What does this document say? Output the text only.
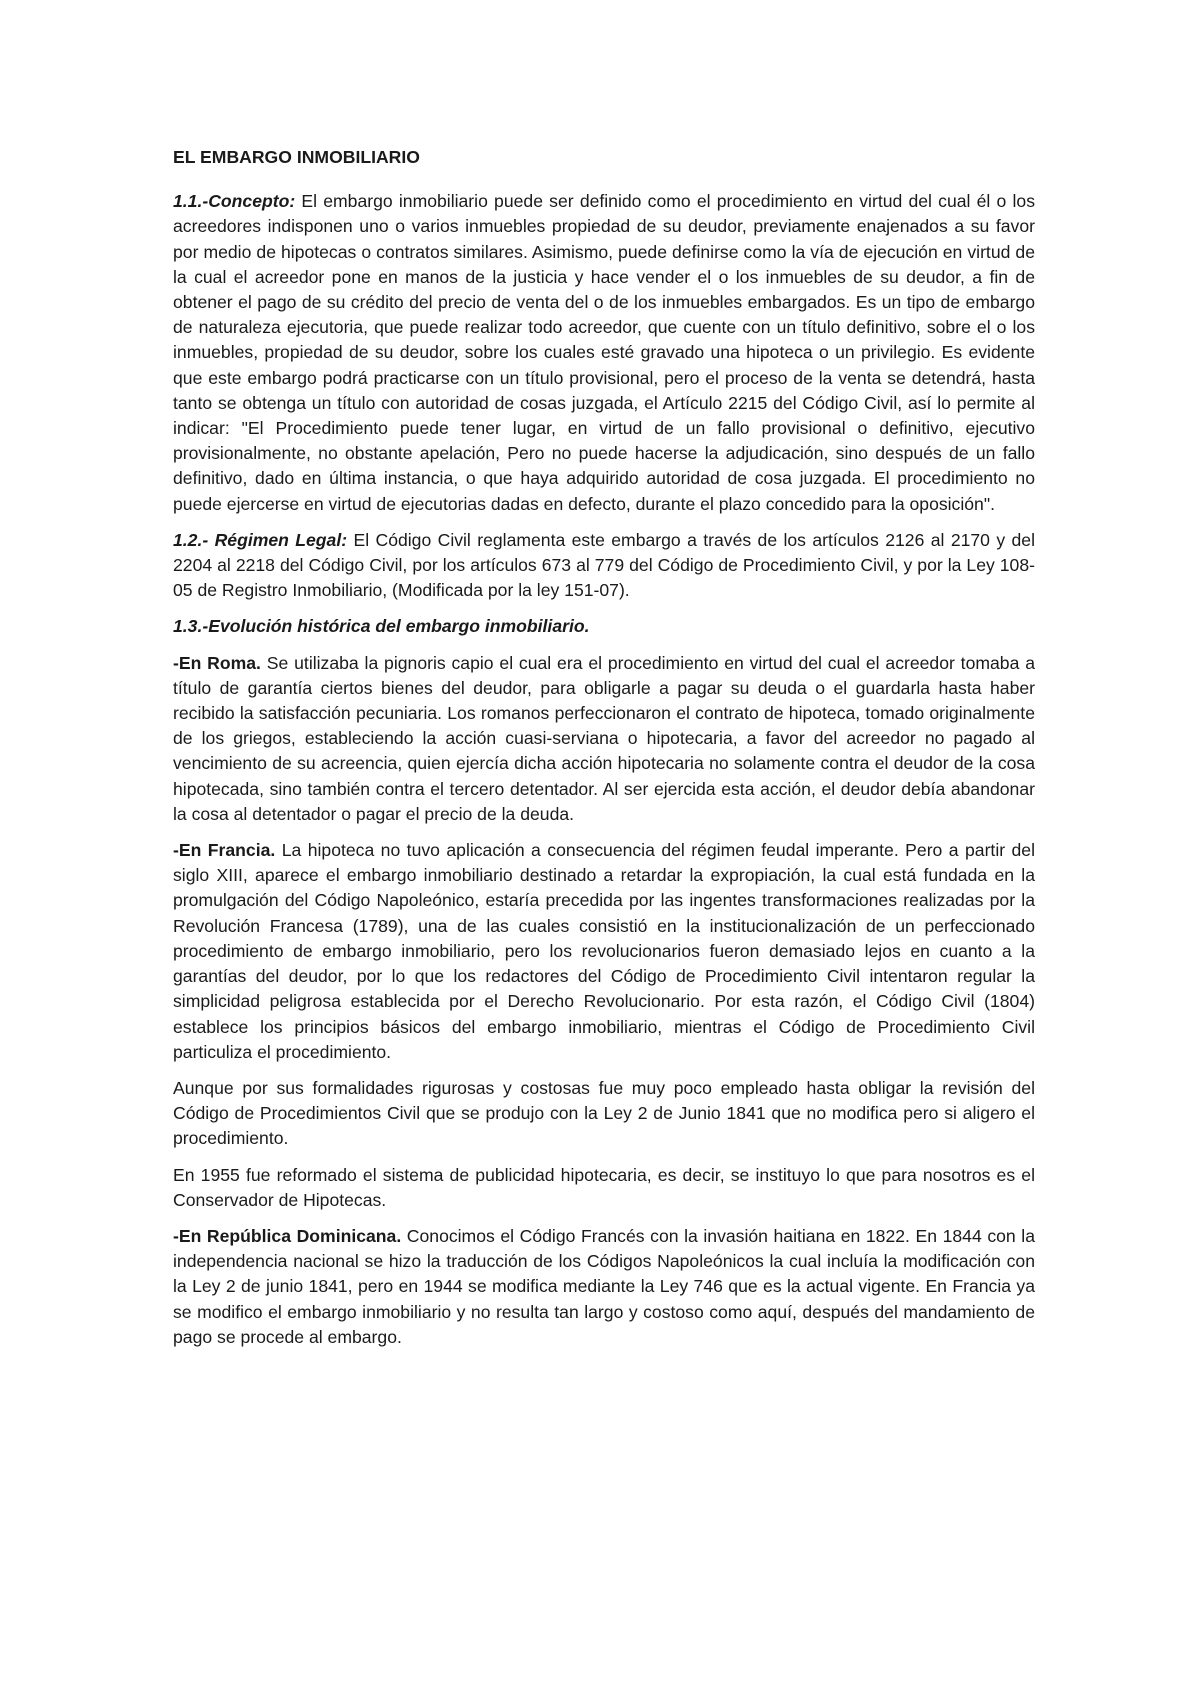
EL EMBARGO INMOBILIARIO

1.1.-Concepto: El embargo inmobiliario puede ser definido como el procedimiento en virtud del cual él o los acreedores indisponen uno o varios inmuebles propiedad de su deudor, previamente enajenados a su favor por medio de hipotecas o contratos similares. Asimismo, puede definirse como la vía de ejecución en virtud de la cual el acreedor pone en manos de la justicia y hace vender el o los inmuebles de su deudor, a fin de obtener el pago de su crédito del precio de venta del o de los inmuebles embargados. Es un tipo de embargo de naturaleza ejecutoria, que puede realizar todo acreedor, que cuente con un título definitivo, sobre el o los inmuebles, propiedad de su deudor, sobre los cuales esté gravado una hipoteca o un privilegio. Es evidente que este embargo podrá practicarse con un título provisional, pero el proceso de la venta se detendrá, hasta tanto se obtenga un título con autoridad de cosas juzgada, el Artículo 2215 del Código Civil, así lo permite al indicar: "El Procedimiento puede tener lugar, en virtud de un fallo provisional o definitivo, ejecutivo provisionalmente, no obstante apelación, Pero no puede hacerse la adjudicación, sino después de un fallo definitivo, dado en última instancia, o que haya adquirido autoridad de cosa juzgada. El procedimiento no puede ejercerse en virtud de ejecutorias dadas en defecto, durante el plazo concedido para la oposición".

1.2.- Régimen Legal: El Código Civil reglamenta este embargo a través de los artículos 2126 al 2170 y del 2204 al 2218 del Código Civil, por los artículos 673 al 779 del Código de Procedimiento Civil, y por la Ley 108-05 de Registro Inmobiliario, (Modificada por la ley 151-07).

1.3.-Evolución histórica del embargo inmobiliario.

-En Roma. Se utilizaba la pignoris capio el cual era el procedimiento en virtud del cual el acreedor tomaba a título de garantía ciertos bienes del deudor, para obligarle a pagar su deuda o el guardarla hasta haber recibido la satisfacción pecuniaria. Los romanos perfeccionaron el contrato de hipoteca, tomado originalmente de los griegos, estableciendo la acción cuasi-serviana o hipotecaria, a favor del acreedor no pagado al vencimiento de su acreencia, quien ejercía dicha acción hipotecaria no solamente contra el deudor de la cosa hipotecada, sino también contra el tercero detentador. Al ser ejercida esta acción, el deudor debía abandonar la cosa al detentador o pagar el precio de la deuda.

-En Francia. La hipoteca no tuvo aplicación a consecuencia del régimen feudal imperante. Pero a partir del siglo XIII, aparece el embargo inmobiliario destinado a retardar la expropiación, la cual está fundada en la promulgación del Código Napoleónico, estaría precedida por las ingentes transformaciones realizadas por la Revolución Francesa (1789), una de las cuales consistió en la institucionalización de un perfeccionado procedimiento de embargo inmobiliario, pero los revolucionarios fueron demasiado lejos en cuanto a la garantías del deudor, por lo que los redactores del Código de Procedimiento Civil intentaron regular la simplicidad peligrosa establecida por el Derecho Revolucionario. Por esta razón, el Código Civil (1804) establece los principios básicos del embargo inmobiliario, mientras el Código de Procedimiento Civil particuliza el procedimiento.

Aunque por sus formalidades rigurosas y costosas fue muy poco empleado hasta obligar la revisión del Código de Procedimientos Civil que se produjo con la Ley 2 de Junio 1841 que no modifica pero si aligero el procedimiento.

En 1955 fue reformado el sistema de publicidad hipotecaria, es decir, se instituyo lo que para nosotros es el Conservador de Hipotecas.

-En República Dominicana. Conocimos el Código Francés con la invasión haitiana en 1822. En 1844 con la independencia nacional se hizo la traducción de los Códigos Napoleónicos la cual incluía la modificación con la Ley 2 de junio 1841, pero en 1944 se modifica mediante la Ley 746 que es la actual vigente. En Francia ya se modifico el embargo inmobiliario y no resulta tan largo y costoso como aquí, después del mandamiento de pago se procede al embargo.
